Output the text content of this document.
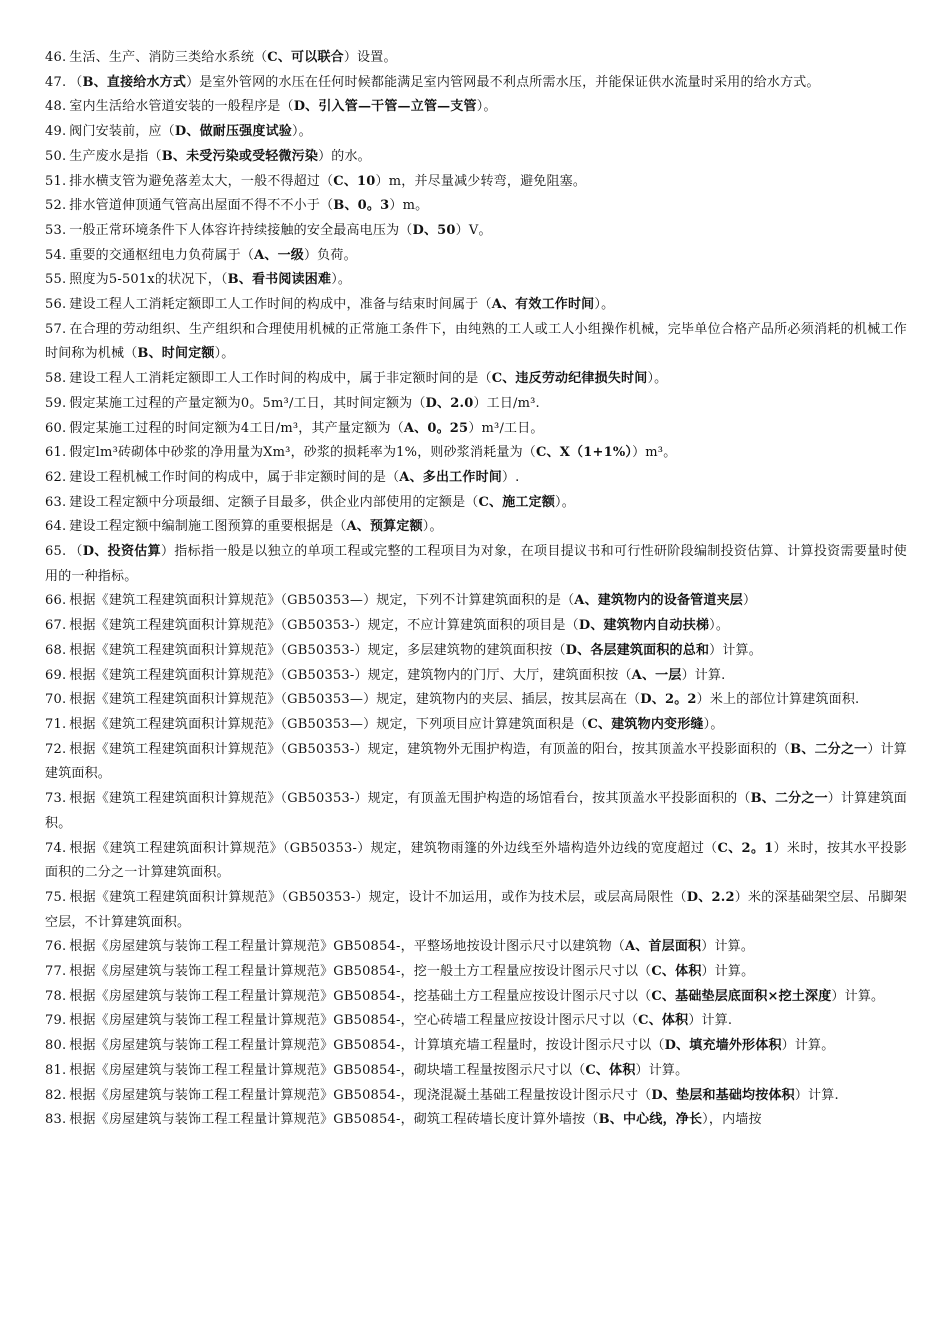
46. 生活、生产、消防三类给水系统（C、可以联合）设置。

47. （B、直接给水方式）是室外管网的水压在任何时候都能满足室内管网最不利点所需水压，并能保证供水流量时采用的给水方式。

48. 室内生活给水管道安装的一般程序是（D、引入管—干管—立管—支管）。

49. 阀门安装前，应（D、做耐压强度试验）。

50. 生产废水是指（B、未受污染或受轻微污染）的水。

51. 排水横支管为避免落差太大，一般不得超过（C、10）m，并尽量减少转弯，避免阻塞。

52. 排水管道伸顶通气管高出屋面不得不不小于（B、0。3）m。

53. 一般正常环境条件下人体容许持续接触的安全最高电压为（D、50）V。

54. 重要的交通枢纽电力负荷属于（A、一级）负荷。

55. 照度为5-501x的状况下，（B、看书阅读困难）。

56. 建设工程人工消耗定额即工人工作时间的构成中，准备与结束时间属于（A、有效工作时间）。

57. 在合理的劳动组织、生产组织和合理使用机械的正常施工条件下，由纯熟的工人或工人小组操作机械，完毕单位合格产品所必须消耗的机械工作时间称为机械（B、时间定额）。

58. 建设工程人工消耗定额即工人工作时间的构成中，属于非定额时间的是（C、违反劳动纪律损失时间）。

59. 假定某施工过程的产量定额为0。5m³/工日，其时间定额为（D、2.0）工日/m³.

60. 假定某施工过程的时间定额为4工日/m³，其产量定额为（A、0。25）m³/工日。

61. 假定lm³砖砌体中砂浆的净用量为Xm³，砂浆的损耗率为1%，则砂浆消耗量为（C、X（1+1%））m³。

62. 建设工程机械工作时间的构成中，属于非定额时间的是（A、多出工作时间）.

63. 建设工程定额中分项最细、定额子目最多，供企业内部使用的定额是（C、施工定额）。

64. 建设工程定额中编制施工图预算的重要根据是（A、预算定额）。

65. （D、投资估算）指标指一般是以独立的单项工程或完整的工程项目为对象，在项目提议书和可行性研阶段编制投资估算、计算投资需要量时使用的一种指标。

66. 根据《建筑工程建筑面积计算规范》（GB50353—）规定，下列不计算建筑面积的是（A、建筑物内的设备管道夹层）

67. 根据《建筑工程建筑面积计算规范》（GB50353-）规定，不应计算建筑面积的项目是（D、建筑物内自动扶梯）。

68. 根据《建筑工程建筑面积计算规范》（GB50353-）规定，多层建筑物的建筑面积按（D、各层建筑面积的总和）计算。

69. 根据《建筑工程建筑面积计算规范》（GB50353-）规定，建筑物内的门厅、大厅，建筑面积按（A、一层）计算.

70. 根据《建筑工程建筑面积计算规范》（GB50353—）规定，建筑物内的夹层、插层，按其层高在（D、2。2）米上的部位计算建筑面积.

71. 根据《建筑工程建筑面积计算规范》（GB50353—）规定，下列项目应计算建筑面积是（C、建筑物内变形缝）。

72. 根据《建筑工程建筑面积计算规范》（GB50353-）规定，建筑物外无围护构造，有顶盖的阳台，按其顶盖水平投影面积的（B、二分之一）计算建筑面积。

73. 根据《建筑工程建筑面积计算规范》（GB50353-）规定，有顶盖无围护构造的场馆看台，按其顶盖水平投影面积的（B、二分之一）计算建筑面积。

74. 根据《建筑工程建筑面积计算规范》（GB50353-）规定，建筑物雨篷的外边线至外墙构造外边线的宽度超过（C、2。1）米时，按其水平投影面积的二分之一计算建筑面积。

75. 根据《建筑工程建筑面积计算规范》（GB50353-）规定，设计不加运用，或作为技术层，或层高局限性（D、2.2）米的深基础架空层、吊脚架空层，不计算建筑面积。

76. 根据《房屋建筑与装饰工程工程量计算规范》GB50854-，平整场地按设计图示尺寸以建筑物（A、首层面积）计算。

77. 根据《房屋建筑与装饰工程工程量计算规范》GB50854-，挖一般土方工程量应按设计图示尺寸以（C、体积）计算。

78. 根据《房屋建筑与装饰工程工程量计算规范》GB50854-，挖基础土方工程量应按设计图示尺寸以（C、基础垫层底面积×挖土深度）计算。

79. 根据《房屋建筑与装饰工程工程量计算规范》GB50854-，空心砖墙工程量应按设计图示尺寸以（C、体积）计算.

80. 根据《房屋建筑与装饰工程工程量计算规范》GB50854-，计算填充墙工程量时，按设计图示尺寸以（D、填充墙外形体积）计算。

81. 根据《房屋建筑与装饰工程工程量计算规范》GB50854-，砌块墙工程量按图示尺寸以（C、体积）计算。

82. 根据《房屋建筑与装饰工程工程量计算规范》GB50854-，现浇混凝土基础工程量按设计图示尺寸（D、垫层和基础均按体积）计算.

83. 根据《房屋建筑与装饰工程工程量计算规范》GB50854-，砌筑工程砖墙长度计算外墙按（B、中心线，净长），内墙按
